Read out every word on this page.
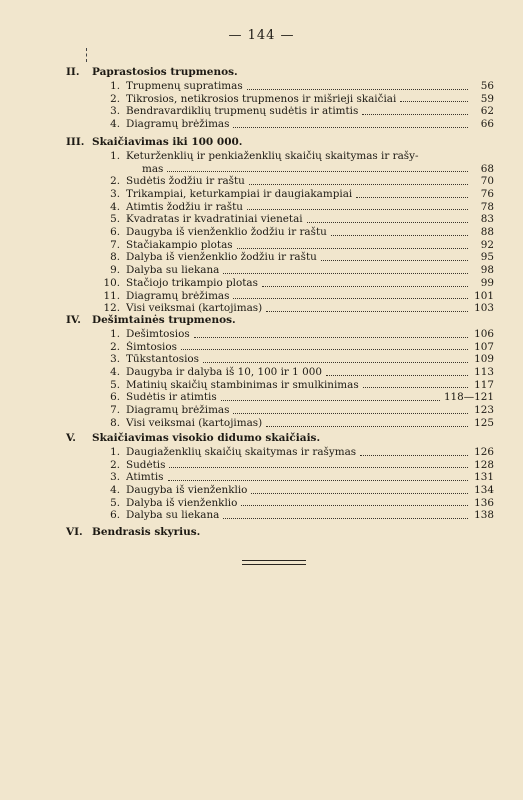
— 144 —
II. Paprastosios trupmenos.
1. Trupmenų supratimas	56
2. Tikrosios, netikrosios trupmenos ir mišrieji skaičiai	59
3. Bendravardiklių trupmenų sudėtis ir atimtis	62
4. Diagramų brėžimas	66
III. Skaičiavimas iki 100 000.
1. Keturženklių ir penkiaženklių skaičių skaitymas ir rašy-
mas	68
2. Sudėtis žodžiu ir raštu	70
3. Trikampiai, keturkampiai ir daugiakampiai	76
4. Atimtis žodžiu ir raštu	78
5. Kvadratas ir kvadratiniai vienetai	83
6. Daugyba iš vienženklio žodžiu ir raštu	88
7. Stačiakampio plotas	92
8. Dalyba iš vienženklio žodžiu ir raštu	95
9. Dalyba su liekana	98
10. Stačiojo trikampio plotas	99
11. Diagramų brėžimas	101
12. Visi veiksmai (kartojimas)	103
IV. Dešimtainės trupmenos.
1. Dešimtosios	106
2. Šimtosios	107
3. Tūkstantosios	109
4. Daugyba ir dalyba iš 10, 100 ir 1 000	113
5. Matinių skaičių stambinimas ir smulkinimas	117
6. Sudėtis ir atimtis	118—121
7. Diagramų brėžimas	123
8. Visi veiksmai (kartojimas)	125
V. Skaičiavimas visokio didumo skaičiais.
1. Daugiaženklių skaičių skaitymas ir rašymas	126
2. Sudėtis	128
3. Atimtis	131
4. Daugyba iš vienženklio	134
5. Dalyba iš vienženklio	136
6. Dalyba su liekana	138
VI. Bendrasis skyrius.
